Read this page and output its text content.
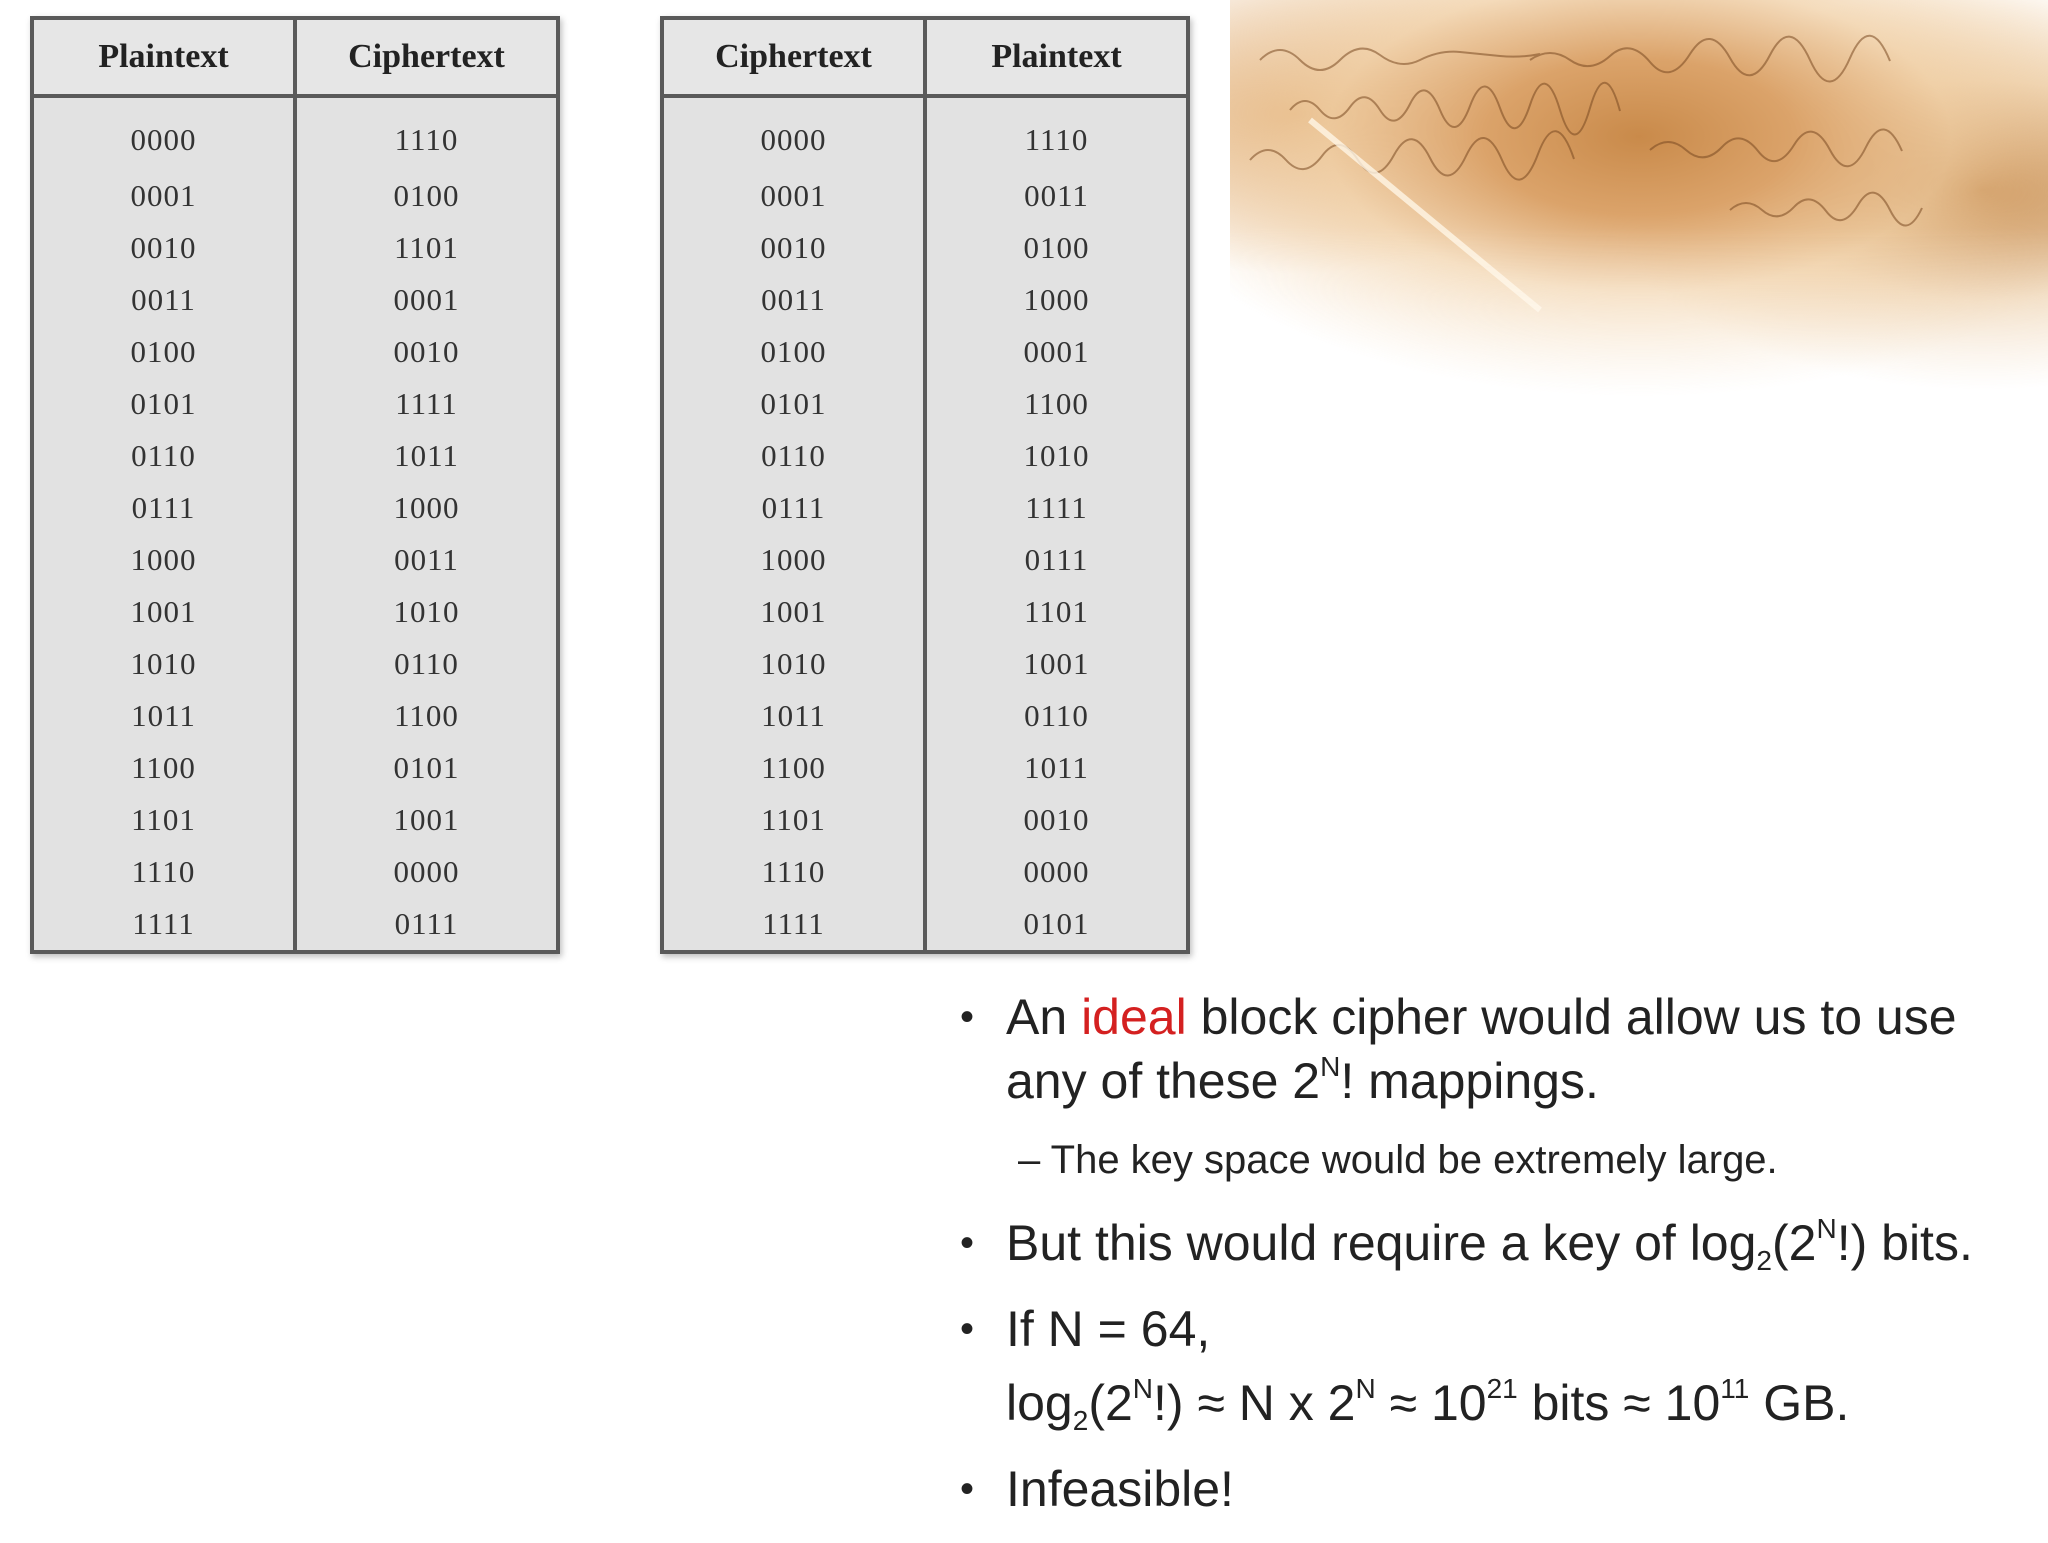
Plaintext	Ciphertext
0000	1110
0001	0100
0010	1101
0011	0001
0100	0010
0101	1111
0110	1011
0111	1000
1000	0011
1001	1010
1010	0110
1011	1100
1100	0101
1101	1001
1110	0000
1111	0111
Ciphertext	Plaintext
0000	1110
0001	0011
0010	0100
0011	1000
0100	0001
0101	1100
0110	1010
0111	1111
1000	0111
1001	1101
1010	1001
1011	0110
1100	1011
1101	0010
1110	0000
1111	0101
• An ideal block cipher would allow us to use any of these $2^N$! mappings.
– The key space would be extremely large.
• But this would require a key of $\log_2(2^N!)$ bits.
• If N = 64,
$\log_2(2^N!) \approx N$ x $2^N \approx 10^{21}$ bits ≈ $10^{11}$ GB.
• Infeasible!
